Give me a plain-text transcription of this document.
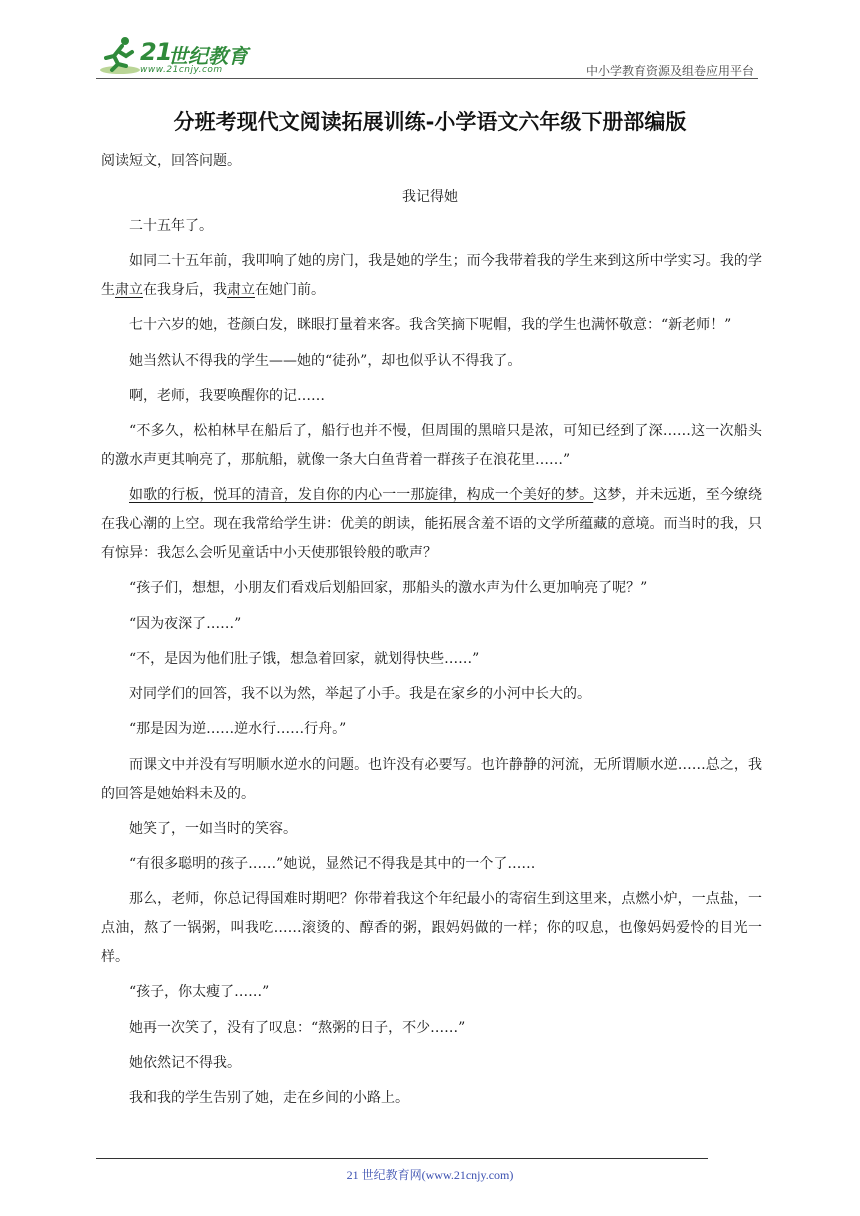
21
世纪教育
www.21cnjy.com	中小学教育资源及组卷应用平台
分班考现代文阅读拓展训练-小学语文六年级下册部编版
阅读短文，回答问题。
我记得她

二十五年了。

如同二十五年前，我叩响了她的房门，我是她的学生；而今我带着我的学生来到这所中学实习。我的学生肃立在我身后，我肃立在她门前。

七十六岁的她，苍颜白发，眯眼打量着来客。我含笑摘下呢帽，我的学生也满怀敬意：“新老师！”

她当然认不得我的学生——她的“徒孙”，却也似乎认不得我了。

啊，老师，我要唤醒你的记……

“不多久，松柏林早在船后了，船行也并不慢，但周围的黑暗只是浓，可知已经到了深……这一次船头的激水声更其响亮了，那航船，就像一条大白鱼背着一群孩子在浪花里……”

如歌的行板，悦耳的清音，发自你的内心一一那旋律，构成一个美好的梦。这梦，并未远逝，至今缭绕在我心潮的上空。现在我常给学生讲：优美的朗读，能拓展含羞不语的文学所蕴藏的意境。而当时的我，只有惊异：我怎么会听见童话中小天使那银铃般的歌声？

“孩子们，想想，小朋友们看戏后划船回家，那船头的激水声为什么更加响亮了呢？”

“因为夜深了……”

“不，是因为他们肚子饿，想急着回家，就划得快些……”

对同学们的回答，我不以为然，举起了小手。我是在家乡的小河中长大的。

“那是因为逆……逆水行……行舟。”

而课文中并没有写明顺水逆水的问题。也许没有必要写。也许静静的河流，无所谓顺水逆……总之，我的回答是她始料未及的。

她笑了，一如当时的笑容。

“有很多聪明的孩子……”她说，显然记不得我是其中的一个了……

那么，老师，你总记得国难时期吧？你带着我这个年纪最小的寄宿生到这里来，点燃小炉，一点盐，一点油，熬了一锅粥，叫我吃……滚烫的、醇香的粥，跟妈妈做的一样；你的叹息，也像妈妈爱怜的目光一样。

“孩子，你太瘦了……”

她再一次笑了，没有了叹息：“熬粥的日子，不少……”

她依然记不得我。

我和我的学生告别了她，走在乡间的小路上。

21 世纪教育网(www.21cnjy.com)
